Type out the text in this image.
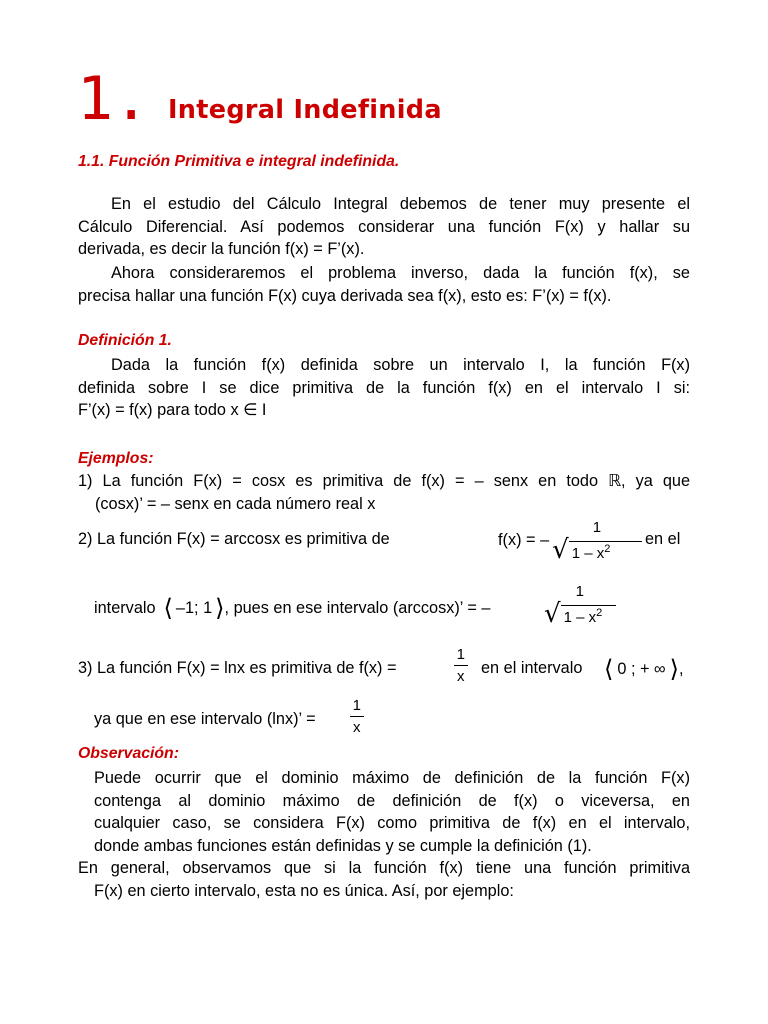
1. Integral Indefinida
1.1. Función Primitiva e integral indefinida.
En el estudio del Cálculo Integral debemos de tener muy presente el
Cálculo Diferencial. Así podemos considerar una función F(x) y hallar su
derivada, es decir la función f(x) = F’(x).
Ahora consideraremos el problema inverso, dada la función f(x), se
precisa hallar una función F(x) cuya derivada sea f(x), esto es: F’(x) = f(x).
Definición 1.
Dada la función f(x) definida sobre un intervalo I, la función F(x)
definida sobre I se dice primitiva de la función f(x) en el intervalo I si:
F’(x) = f(x) para todo x ∈ I
Ejemplos:
1) La función F(x) = cosx es primitiva de f(x) = – senx en todo ℝ, ya que
(cosx)’ = – senx en cada número real x
2) La función F(x) = arccosx es primitiva de	f(x) = –
1
√ $1 - x^2$
en el
intervalo ⟨ –1; 1 ⟩ , pues en ese intervalo (arccosx)’ = –
1
√ $1 - x^2$
3) La función F(x) = lnx es primitiva de f(x) =	$\frac{1}{x}$ en el intervalo ⟨ 0 ; + ∞ ⟩ ,
ya que en ese intervalo (lnx)’ = $\frac{1}{x}$
Observación:
Puede ocurrir que el dominio máximo de definición de la función F(x)
contenga al dominio máximo de definición de f(x) o viceversa, en
cualquier caso, se considera F(x) como primitiva de f(x) en el intervalo,
donde ambas funciones están definidas y se cumple la definición (1).
En general, observamos que si la función f(x) tiene una función primitiva
F(x) en cierto intervalo, esta no es única. Así, por ejemplo:
